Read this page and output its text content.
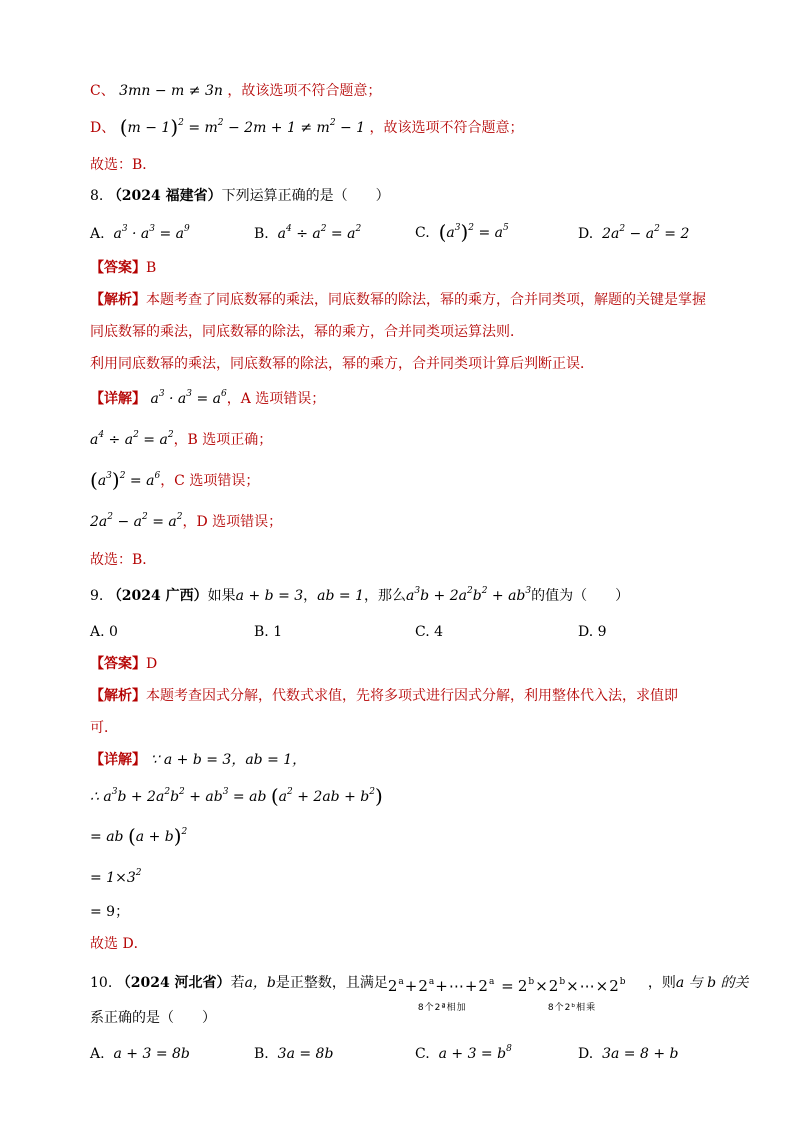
C、 3mn − m ≠ 3n ，故该选项不符合题意；
D、 $(m - 1)^2 = m^2 - 2m + 1 \ne m^2 - 1$ ，故该选项不符合题意；
故选：B．
8. （2024 福建省）下列运算正确的是（　　）
A. $a^3 \cdot a^3 = a^9$	B. $a^4 \div a^2 = a^2$	C. $(a^3)^2 = a^5$	D.  $2a^2 - a^2 = 2$
【答案】B
【解析】本题考查了同底数幂的乘法，同底数幂的除法，幂的乘方，合并同类项，解题的关键是掌握
同底数幂的乘法，同底数幂的除法，幂的乘方，合并同类项运算法则．
利用同底数幂的乘法，同底数幂的除法，幂的乘方，合并同类项计算后判断正误．
【详解】 $a^3 \cdot a^3 = a^6$，A 选项错误；
$a^4 \div a^2 = a^2$，B 选项正确；
$(a^3)^2 = a^6$，C 选项错误；
$2a^2 - a^2 = a^2$，D 选项错误；
故选：B．
9. （2024 广西）如果a + b = 3，ab = 1，那么$a^3b + 2a^2b^2 + ab^3$的值为（　　）
A. 0	B. 1	C. 4	D. 9
【答案】D
【解析】本题考查因式分解，代数式求值，先将多项式进行因式分解，利用整体代入法，求值即
可．
【详解】 ∵ a + b = 3，ab = 1，
∴ $a^3b + 2a^2b^2 + ab^3$ = ab $(a^2 + 2ab + b^2)$
= ab $(a + b)^2$
= $1\times 3^2$
= 9；
故选 D．
10. （2024 河北省）若a，b是正整数，且满足 $2^a+2^a+\cdots+2^a$ =
8个2ª相加
$2^b\times 2^b\times\cdots\times 2^b$
8个2ᵇ相乘
，则a 与 b 的关
系正确的是（　　）
A. a + 3 = 8b	B.  3a = 8b	C. $a + 3 = b^8$	D.  3a = 8 + b
